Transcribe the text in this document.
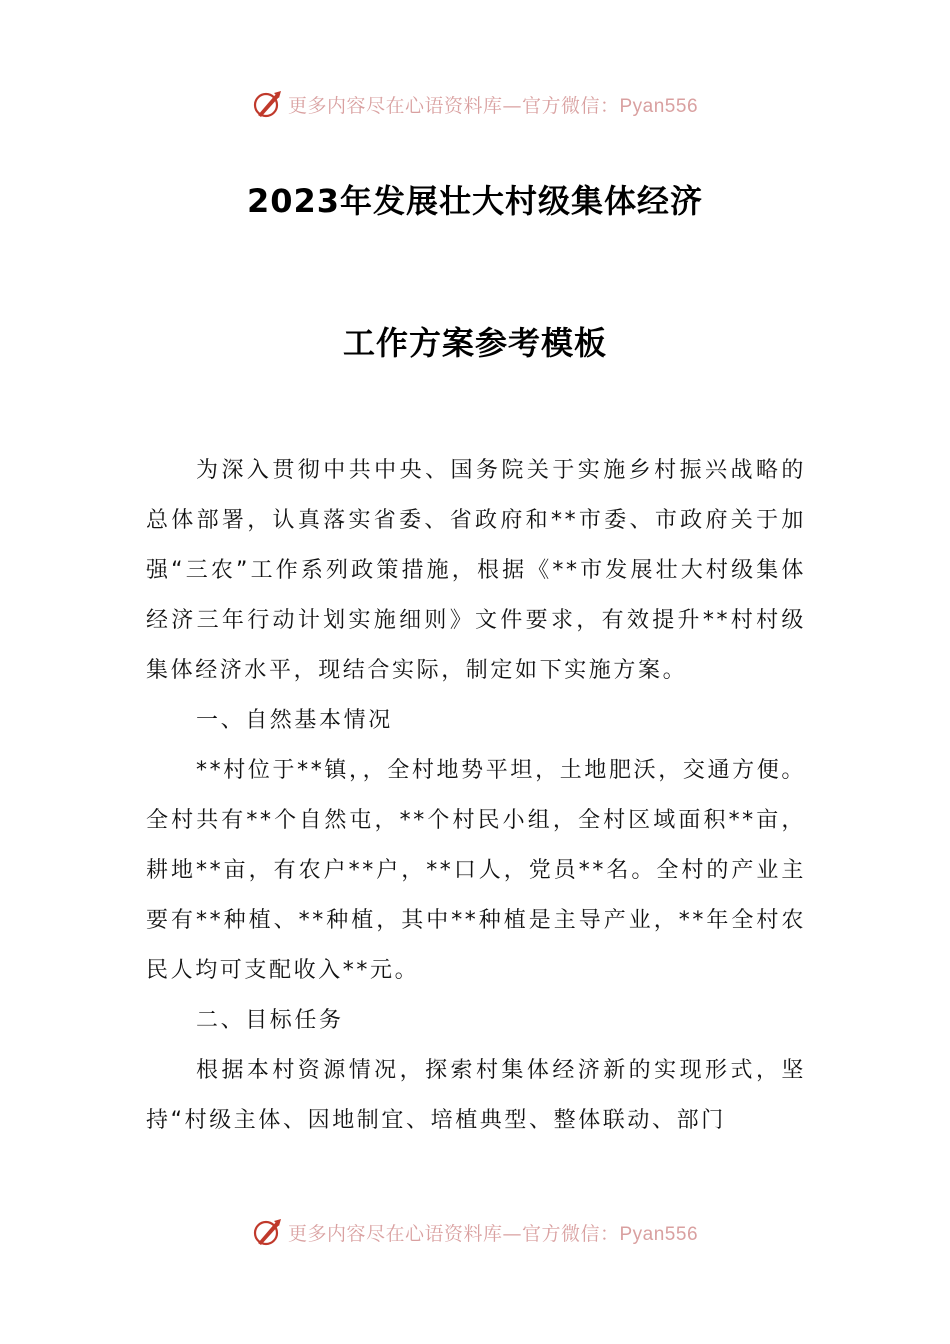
更多内容尽在心语资料库—官方微信：Pyan556
2023年发展壮大村级集体经济
工作方案参考模板

为深入贯彻中共中央、国务院关于实施乡村振兴战略的总体部署，认真落实省委、省政府和**市委、市政府关于加强“三农”工作系列政策措施，根据《**市发展壮大村级集体经济三年行动计划实施细则》文件要求，有效提升**村村级集体经济水平，现结合实际，制定如下实施方案。

一、自然基本情况

**村位于**镇，，全村地势平坦，土地肥沃，交通方便。全村共有**个自然屯，**个村民小组，全村区域面积**亩，耕地**亩，有农户**户，**口人，党员**名。全村的产业主要有**种植、**种植，其中**种植是主导产业，**年全村农民人均可支配收入**元。

二、目标任务

根据本村资源情况，探索村集体经济新的实现形式，坚持“村级主体、因地制宜、培植典型、整体联动、部门

更多内容尽在心语资料库—官方微信：Pyan556
